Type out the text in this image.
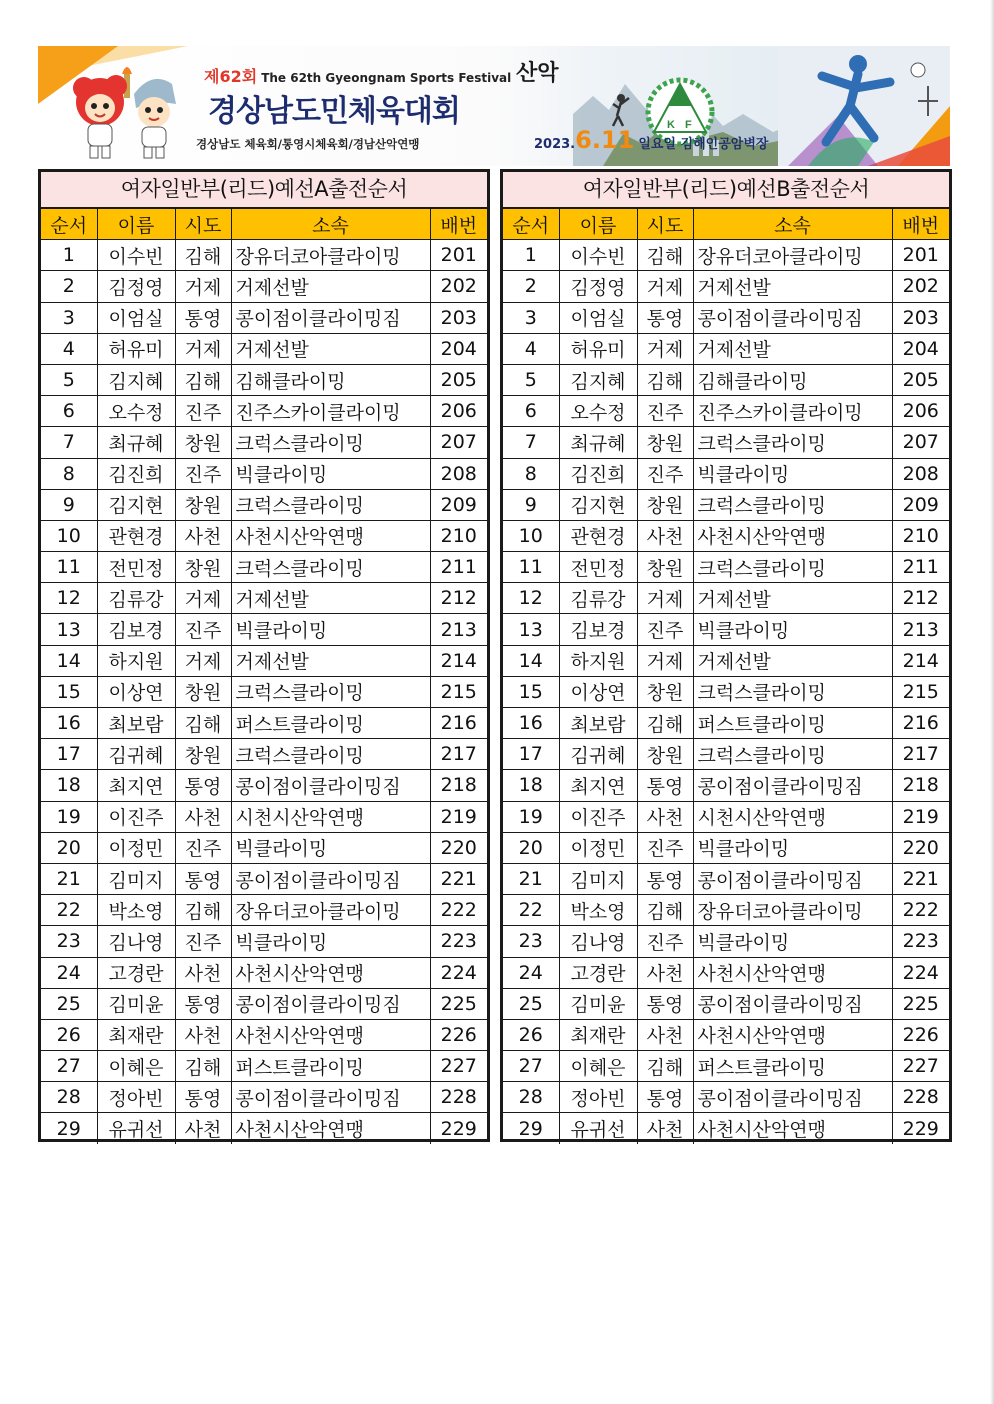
제62회 The 62th Gyeongnam Sports Festival
경상남도민체육대회
경상남도 체육회/통영시체육회/경남산악연맹
산악
K F
2023.6.11 일요일 김해인공암벽장
여자일반부(리드)예선A출전순서
순서	이름	시도	소속	배번
1	이수빈	김해	장유더코아클라이밍	201
2	김정영	거제	거제선발	202
3	이엄실	통영	콩이점이클라이밍짐	203
4	허유미	거제	거제선발	204
5	김지혜	김해	김해클라이밍	205
6	오수정	진주	진주스카이클라이밍	206
7	최규혜	창원	크럭스클라이밍	207
8	김진희	진주	빅클라이밍	208
9	김지현	창원	크럭스클라이밍	209
10	관현경	사천	사천시산악연맹	210
11	전민정	창원	크럭스클라이밍	211
12	김류강	거제	거제선발	212
13	김보경	진주	빅클라이밍	213
14	하지원	거제	거제선발	214
15	이상연	창원	크럭스클라이밍	215
16	최보람	김해	퍼스트클라이밍	216
17	김귀혜	창원	크럭스클라이밍	217
18	최지연	통영	콩이점이클라이밍짐	218
19	이진주	사천	시천시산악연맹	219
20	이정민	진주	빅클라이밍	220
21	김미지	통영	콩이점이클라이밍짐	221
22	박소영	김해	장유더코아클라이밍	222
23	김나영	진주	빅클라이밍	223
24	고경란	사천	사천시산악연맹	224
25	김미윤	통영	콩이점이클라이밍짐	225
26	최재란	사천	사천시산악연맹	226
27	이혜은	김해	퍼스트클라이밍	227
28	정아빈	통영	콩이점이클라이밍짐	228
29	유귀선	사천	사천시산악연맹	229
여자일반부(리드)예선B출전순서
순서	이름	시도	소속	배번
1	이수빈	김해	장유더코아클라이밍	201
2	김정영	거제	거제선발	202
3	이엄실	통영	콩이점이클라이밍짐	203
4	허유미	거제	거제선발	204
5	김지혜	김해	김해클라이밍	205
6	오수정	진주	진주스카이클라이밍	206
7	최규혜	창원	크럭스클라이밍	207
8	김진희	진주	빅클라이밍	208
9	김지현	창원	크럭스클라이밍	209
10	관현경	사천	사천시산악연맹	210
11	전민정	창원	크럭스클라이밍	211
12	김류강	거제	거제선발	212
13	김보경	진주	빅클라이밍	213
14	하지원	거제	거제선발	214
15	이상연	창원	크럭스클라이밍	215
16	최보람	김해	퍼스트클라이밍	216
17	김귀혜	창원	크럭스클라이밍	217
18	최지연	통영	콩이점이클라이밍짐	218
19	이진주	사천	시천시산악연맹	219
20	이정민	진주	빅클라이밍	220
21	김미지	통영	콩이점이클라이밍짐	221
22	박소영	김해	장유더코아클라이밍	222
23	김나영	진주	빅클라이밍	223
24	고경란	사천	사천시산악연맹	224
25	김미윤	통영	콩이점이클라이밍짐	225
26	최재란	사천	사천시산악연맹	226
27	이혜은	김해	퍼스트클라이밍	227
28	정아빈	통영	콩이점이클라이밍짐	228
29	유귀선	사천	사천시산악연맹	229
